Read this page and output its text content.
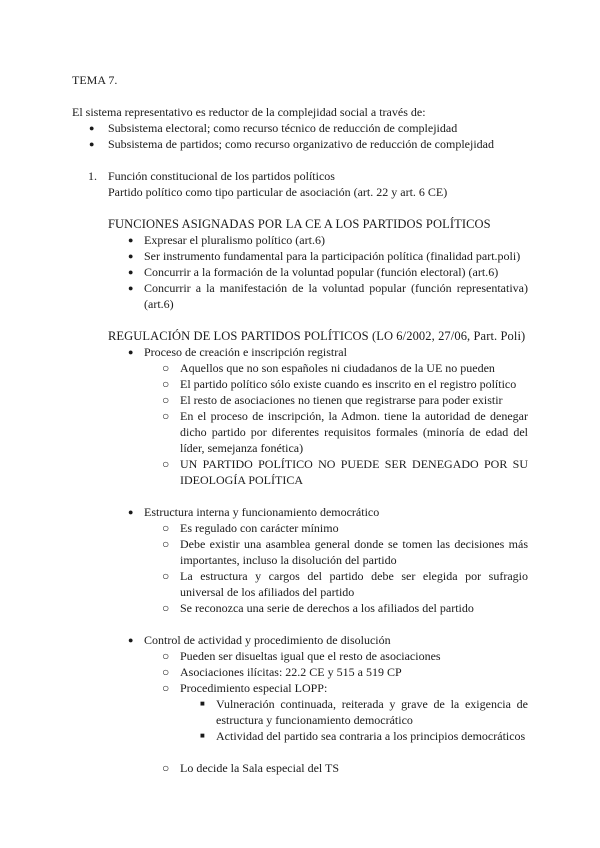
TEMA 7.
El sistema representativo es reductor de la complejidad social a través de:
● Subsistema electoral; como recurso técnico de reducción de complejidad
● Subsistema de partidos; como recurso organizativo de reducción de complejidad
1. Función constitucional de los partidos políticos
Partido político como tipo particular de asociación (art. 22 y art. 6 CE)
FUNCIONES ASIGNADAS POR LA CE A LOS PARTIDOS POLÍTICOS
● Expresar el pluralismo político (art.6)
● Ser instrumento fundamental para la participación política (finalidad part.poli)
● Concurrir a la formación de la voluntad popular (función electoral) (art.6)
● Concurrir a la manifestación de la voluntad popular (función representativa) (art.6)
REGULACIÓN DE LOS PARTIDOS POLÍTICOS (LO 6/2002, 27/06, Part. Poli)
● Proceso de creación e inscripción registral
○ Aquellos que no son españoles ni ciudadanos de la UE no pueden
○ El partido político sólo existe cuando es inscrito en el registro político
○ El resto de asociaciones no tienen que registrarse para poder existir
○ En el proceso de inscripción, la Admon. tiene la autoridad de denegar dicho partido por diferentes requisitos formales (minoría de edad del líder, semejanza fonética)
○ UN PARTIDO POLÍTICO NO PUEDE SER DENEGADO POR SU IDEOLOGÍA POLÍTICA
● Estructura interna y funcionamiento democrático
○ Es regulado con carácter mínimo
○ Debe existir una asamblea general donde se tomen las decisiones más importantes, incluso la disolución del partido
○ La estructura y cargos del partido debe ser elegida por sufragio universal de los afiliados del partido
○ Se reconozca una serie de derechos a los afiliados del partido
● Control de actividad y procedimiento de disolución
○ Pueden ser disueltas igual que el resto de asociaciones
○ Asociaciones ilícitas: 22.2 CE y 515 a 519 CP
○ Procedimiento especial LOPP:
■ Vulneración continuada, reiterada y grave de la exigencia de estructura y funcionamiento democrático
■ Actividad del partido sea contraria a los principios democráticos
○ Lo decide la Sala especial del TS
